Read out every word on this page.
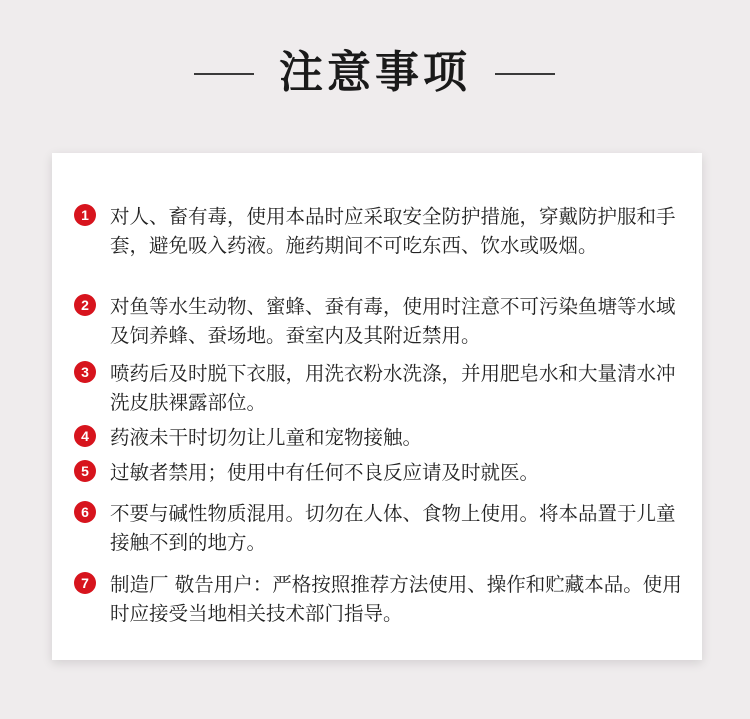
注意事项
1	对人、畜有毒，使用本品时应采取安全防护措施，穿戴防护服和手套，避免吸入药液。施药期间不可吃东西、饮水或吸烟。
2	对鱼等水生动物、蜜蜂、蚕有毒，使用时注意不可污染鱼塘等水域及饲养蜂、蚕场地。蚕室内及其附近禁用。
3	喷药后及时脱下衣服，用洗衣粉水洗涤，并用肥皂水和大量清水冲洗皮肤裸露部位。
4	药液未干时切勿让儿童和宠物接触。
5	过敏者禁用；使用中有任何不良反应请及时就医。
6	不要与碱性物质混用。切勿在人体、食物上使用。将本品置于儿童接触不到的地方。
7	制造厂 敬告用户：严格按照推荐方法使用、操作和贮藏本品。使用时应接受当地相关技术部门指导。
